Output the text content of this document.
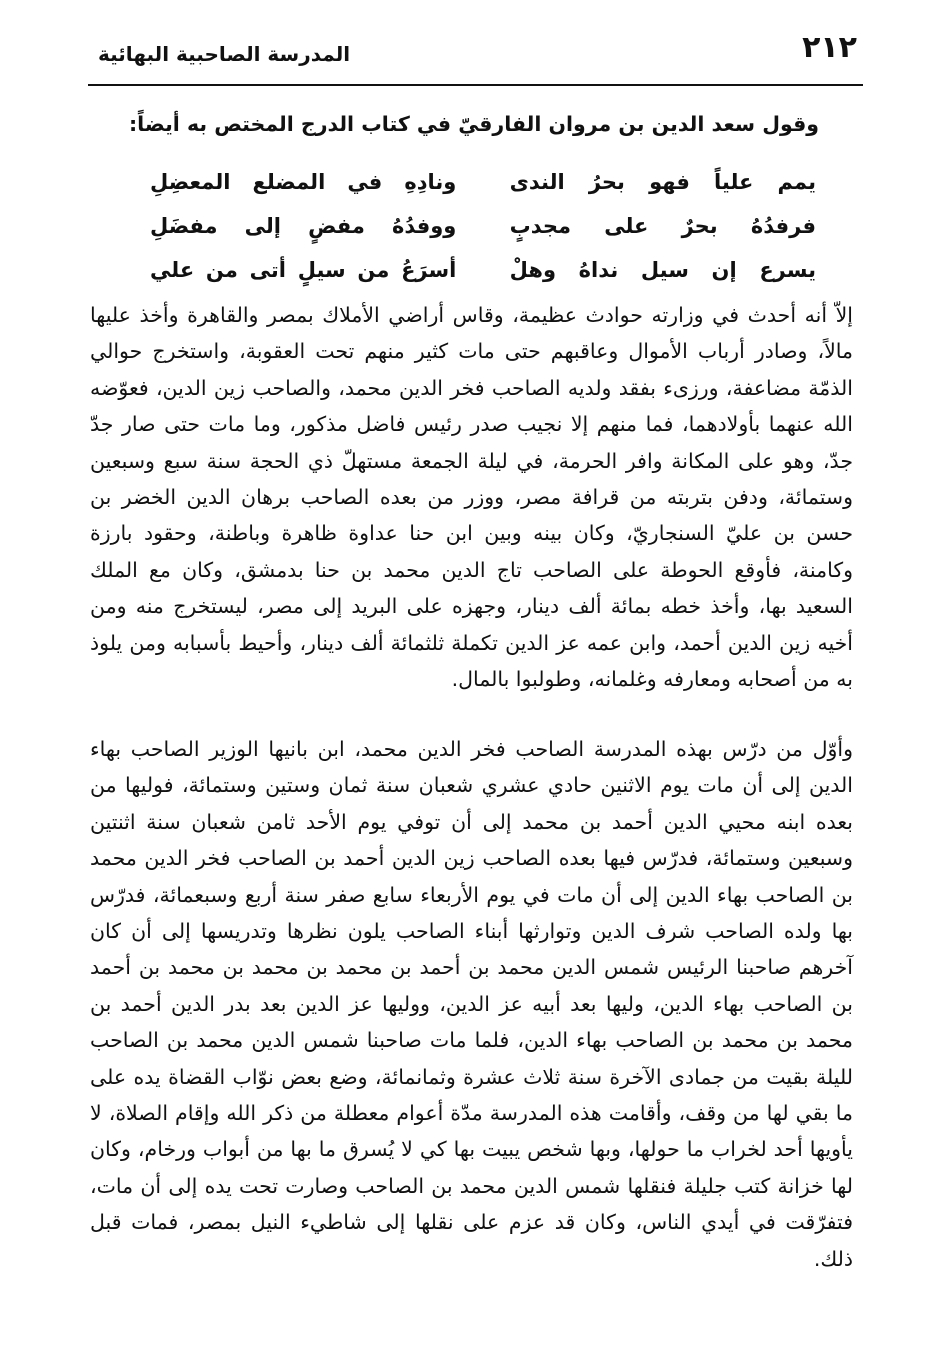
٢١٢
المدرسة الصاحبية البهائية
وقول سعد الدين بن مروان الفارقيّ في كتاب الدرج المختص به أيضاً:
يمم علياً فهو بحرُ الندى
ونادِهِ في المضلع المعضِلِ
فرفدُهُ بحرٌ على مجدبٍ
ووفدُهُ مفضٍ إلى مفضَلِ
يسرع إن سيل نداهُ وهلْ
أسرَعُ من سيلٍ أتى من علي

إلاّ أنه أحدث في وزارته حوادث عظيمة، وقاس أراضي الأملاك بمصر والقاهرة وأخذ عليها مالاً، وصادر أرباب الأموال وعاقبهم حتى مات كثير منهم تحت العقوبة، واستخرج حوالي الذمّة مضاعفة، ورزىء بفقد ولديه الصاحب فخر الدين محمد، والصاحب زين الدين، فعوّضه الله عنهما بأولادهما، فما منهم إلا نجيب صدر رئيس فاضل مذكور، وما مات حتى صار جدّ جدّ، وهو على المكانة وافر الحرمة، في ليلة الجمعة مستهلّ ذي الحجة سنة سبع وسبعين وستمائة، ودفن بتربته من قرافة مصر، ووزر من بعده الصاحب برهان الدين الخضر بن حسن بن عليّ السنجاريّ، وكان بينه وبين ابن حنا عداوة ظاهرة وباطنة، وحقود بارزة وكامنة، فأوقع الحوطة على الصاحب تاج الدين محمد بن حنا بدمشق، وكان مع الملك السعيد بها، وأخذ خطه بمائة ألف دينار، وجهزه على البريد إلى مصر، ليستخرج منه ومن أخيه زين الدين أحمد، وابن عمه عز الدين تكملة ثلثمائة ألف دينار، وأحيط بأسبابه ومن يلوذ به من أصحابه ومعارفه وغلمانه، وطولبوا بالمال.

وأوّل من درّس بهذه المدرسة الصاحب فخر الدين محمد، ابن بانيها الوزير الصاحب بهاء الدين إلى أن مات يوم الاثنين حادي عشري شعبان سنة ثمان وستين وستمائة، فوليها من بعده ابنه محيي الدين أحمد بن محمد إلى أن توفي يوم الأحد ثامن شعبان سنة اثنتين وسبعين وستمائة، فدرّس فيها بعده الصاحب زين الدين أحمد بن الصاحب فخر الدين محمد بن الصاحب بهاء الدين إلى أن مات في يوم الأربعاء سابع صفر سنة أربع وسبعمائة، فدرّس بها ولده الصاحب شرف الدين وتوارثها أبناء الصاحب يلون نظرها وتدريسها إلى أن كان آخرهم صاحبنا الرئيس شمس الدين محمد بن أحمد بن محمد بن محمد بن محمد بن أحمد بن الصاحب بهاء الدين، وليها بعد أبيه عز الدين، ووليها عز الدين بعد بدر الدين أحمد بن محمد بن محمد بن الصاحب بهاء الدين، فلما مات صاحبنا شمس الدين محمد بن الصاحب لليلة بقيت من جمادى الآخرة سنة ثلاث عشرة وثمانمائة، وضع بعض نوّاب القضاة يده على ما بقي لها من وقف، وأقامت هذه المدرسة مدّة أعوام معطلة من ذكر الله وإقام الصلاة، لا يأويها أحد لخراب ما حولها، وبها شخص يبيت بها كي لا يُسرق ما بها من أبواب ورخام، وكان لها خزانة كتب جليلة فنقلها شمس الدين محمد بن الصاحب وصارت تحت يده إلى أن مات، فتفرّقت في أيدي الناس، وكان قد عزم على نقلها إلى شاطيء النيل بمصر، فمات قبل ذلك.
